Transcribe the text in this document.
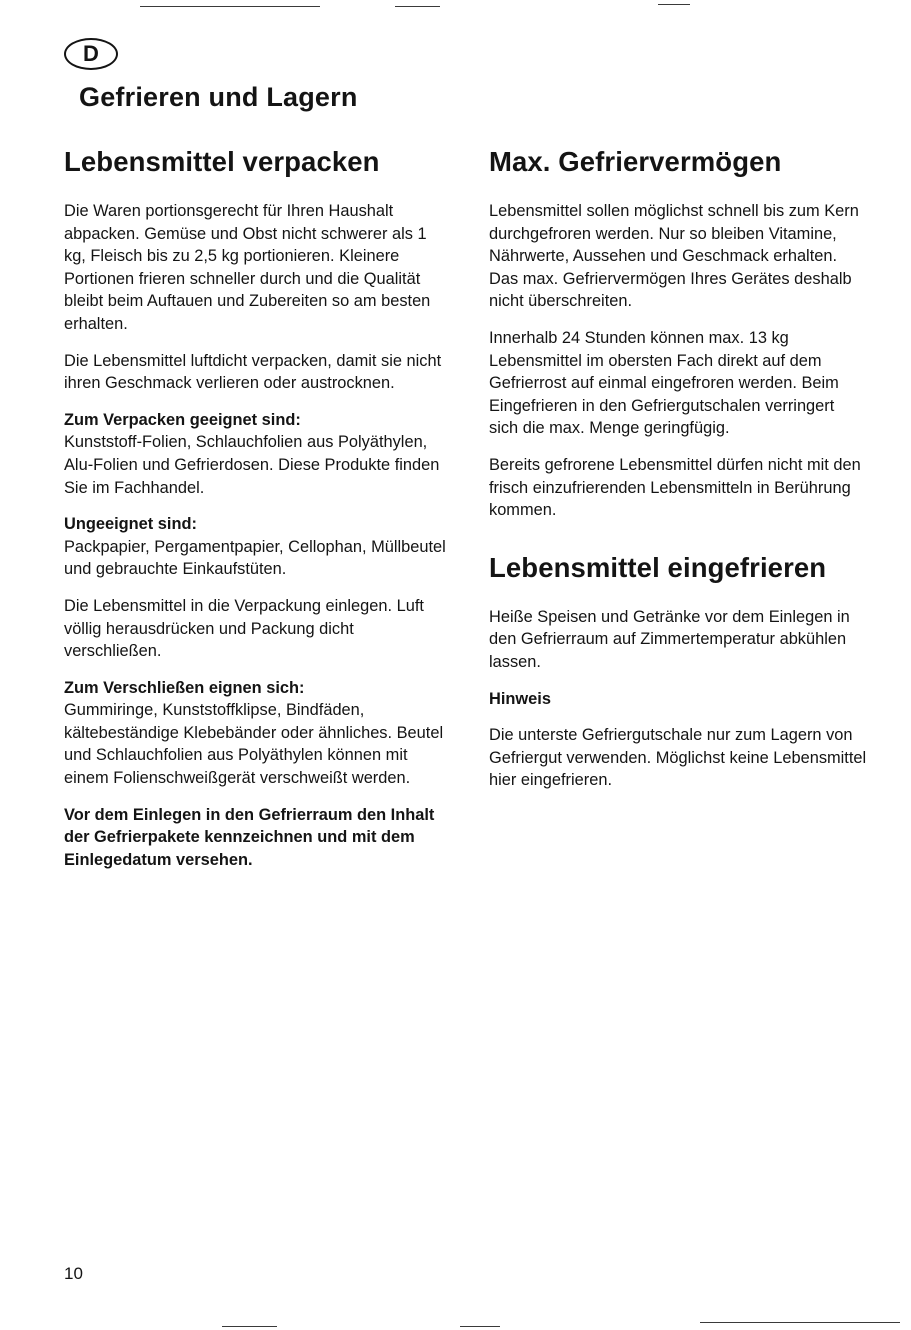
D
Gefrieren und Lagern
Lebensmittel verpacken

Die Waren portionsgerecht für Ihren Haushalt abpacken. Gemüse und Obst nicht schwerer als 1 kg, Fleisch bis zu 2,5 kg portionieren. Kleinere Portionen frieren schneller durch und die Qualität bleibt beim Auftauen und Zubereiten so am besten erhalten.

Die Lebensmittel luftdicht verpacken, damit sie nicht ihren Geschmack verlieren oder austrocknen.

Zum Verpacken geeignet sind:
Kunststoff-Folien, Schlauchfolien aus Polyäthylen, Alu-Folien und Gefrierdosen. Diese Produkte finden Sie im Fachhandel.

Ungeeignet sind:
Packpapier, Pergamentpapier, Cellophan, Müllbeutel und gebrauchte Einkaufstüten.

Die Lebensmittel in die Verpackung einlegen. Luft völlig herausdrücken und Packung dicht verschließen.

Zum Verschließen eignen sich:
Gummiringe, Kunststoffklipse, Bindfäden, kältebeständige Klebebänder oder ähnliches. Beutel und Schlauchfolien aus Polyäthylen können mit einem Folienschweißgerät verschweißt werden.

Vor dem Einlegen in den Gefrierraum den Inhalt der Gefrierpakete kennzeichnen und mit dem Einlegedatum versehen.

Max. Gefriervermögen

Lebensmittel sollen möglichst schnell bis zum Kern durchgefroren werden. Nur so bleiben Vitamine, Nährwerte, Aussehen und Geschmack erhalten. Das max. Gefriervermögen Ihres Gerätes deshalb nicht überschreiten.

Innerhalb 24 Stunden können max. 13 kg Lebensmittel im obersten Fach direkt auf dem Gefrierrost auf einmal eingefroren werden. Beim Eingefrieren in den Gefriergutschalen verringert sich die max. Menge geringfügig.

Bereits gefrorene Lebensmittel dürfen nicht mit den frisch einzufrierenden Lebensmitteln in Berührung kommen.

Lebensmittel eingefrieren

Heiße Speisen und Getränke vor dem Einlegen in den Gefrierraum auf Zimmertemperatur abkühlen lassen.

Hinweis

Die unterste Gefriergutschale nur zum Lagern von Gefriergut verwenden. Möglichst keine Lebensmittel hier eingefrieren.

10
